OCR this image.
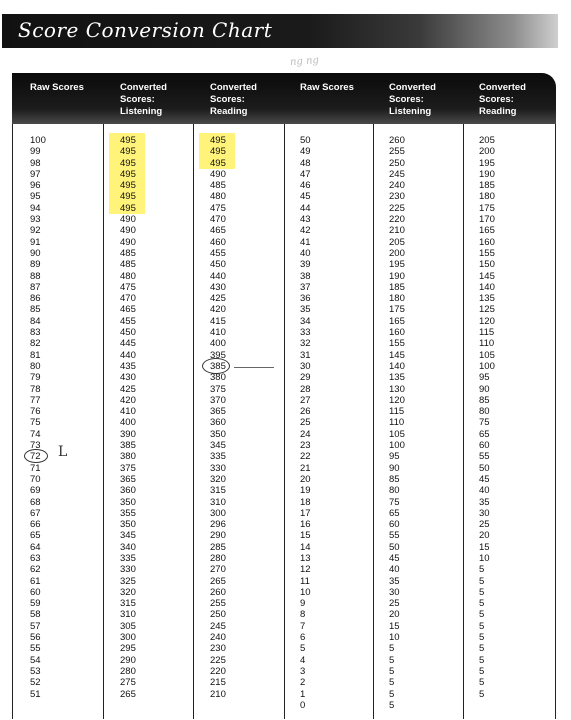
Score Conversion Chart
ng ng
Raw Scores	Converted
Scores:
Listening
Converted
Scores:
Reading
Raw Scores	Converted
Scores:
Listening
Converted
Scores:
Reading
100
99
98
97
96
95
94
93
92
91
90
89
88
87
86
85
84
83
82
81
80
79
78
77
76
75
74
73
72
71
70
69
68
67
66
65
64
63
62
61
60
59
58
57
56
55
54
53
52
51
495
495
495
495
495
495
495
490
490
490
485
485
480
475
470
465
455
450
445
440
435
430
425
420
410
400
390
385
380
375
365
360
350
355
350
345
340
335
330
325
320
315
310
305
300
295
290
280
275
265
495
495
495
490
485
480
475
470
465
460
455
450
440
430
425
420
415
410
400
395
385
380
375
370
365
360
350
345
335
330
320
315
310
300
296
290
285
280
270
265
260
255
250
245
240
230
225
220
215
210
50
49
48
47
46
45
44
43
42
41
40
39
38
37
36
35
34
33
32
31
30
29
28
27
26
25
24
23
22
21
20
19
18
17
16
15
14
13
12
11
10
9
8
7
6
5
4
3
2
1
0
260
255
250
245
240
230
225
220
210
205
200
195
190
185
180
175
165
160
155
145
140
135
130
120
115
110
105
100
95
90
85
80
75
65
60
55
50
45
40
35
30
25
20
15
10
5
5
5
5
5
5
205
200
195
190
185
180
175
170
165
160
155
150
145
140
135
125
120
115
110
105
100
95
90
85
80
75
65
60
55
50
45
40
35
30
25
20
15
10
5
5
5
5
5
5
5
5
5
5
5
5
L
